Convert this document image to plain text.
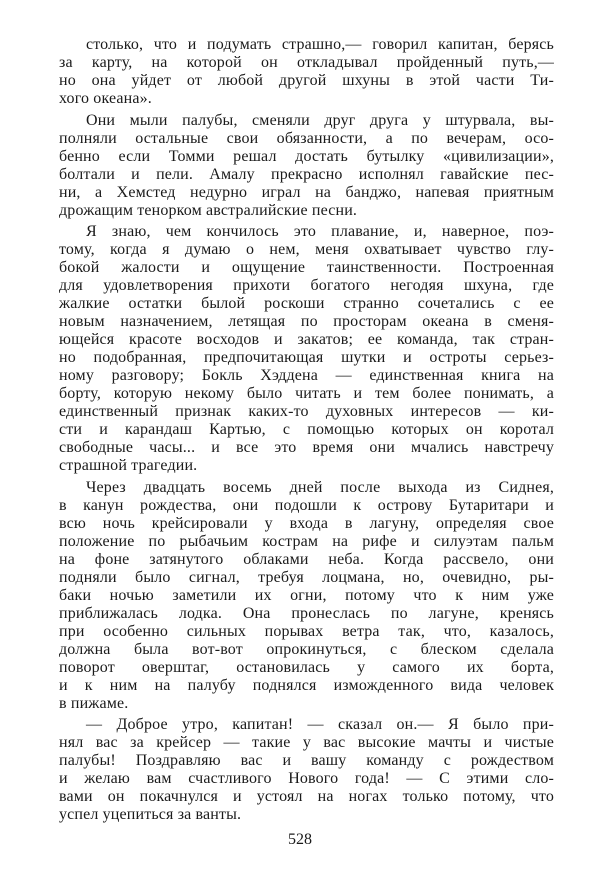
столько, что и подумать страшно,— говорил капитан, берясь
за карту, на которой он откладывал пройденный путь,—
но она уйдет от любой другой шхуны в этой части Ти-
хого океана».
Они мыли палубы, сменяли друг друга у штурвала, вы-
полняли остальные свои обязанности, а по вечерам, осо-
бенно если Томми решал достать бутылку «цивилизации»,
болтали и пели. Амалу прекрасно исполнял гавайские пес-
ни, а Хемстед недурно играл на банджо, напевая приятным
дрожащим тенорком австралийские песни.
Я знаю, чем кончилось это плавание, и, наверное, поэ-
тому, когда я думаю о нем, меня охватывает чувство глу-
бокой жалости и ощущение таинственности. Построенная
для удовлетворения прихоти богатого негодяя шхуна, где
жалкие остатки былой роскоши странно сочетались с ее
новым назначением, летящая по просторам океана в сменя-
ющейся красоте восходов и закатов; ее команда, так стран-
но подобранная, предпочитающая шутки и остроты серьез-
ному разговору; Бокль Хэддена — единственная книга на
борту, которую некому было читать и тем более понимать, а
единственный признак каких-то духовных интересов — ки-
сти и карандаш Картью, с помощью которых он коротал
свободные часы... и все это время они мчались навстречу
страшной трагедии.
Через двадцать восемь дней после выхода из Сиднея,
в канун рождества, они подошли к острову Бутаритари и
всю ночь крейсировали у входа в лагуну, определяя свое
положение по рыбачьим кострам на рифе и силуэтам пальм
на фоне затянутого облаками неба. Когда рассвело, они
подняли было сигнал, требуя лоцмана, но, очевидно, ры-
баки ночью заметили их огни, потому что к ним уже
приближалась лодка. Она пронеслась по лагуне, кренясь
при особенно сильных порывах ветра так, что, казалось,
должна была вот-вот опрокинуться, с блеском сделала
поворот оверштаг, остановилась у самого их борта,
и к ним на палубу поднялся изможденного вида человек
в пижаме.
— Доброе утро, капитан! — сказал он.— Я было при-
нял вас за крейсер — такие у вас высокие мачты и чистые
палубы! Поздравляю вас и вашу команду с рождеством
и желаю вам счастливого Нового года! — С этими сло-
вами он покачнулся и устоял на ногах только потому, что
успел уцепиться за ванты.
528
